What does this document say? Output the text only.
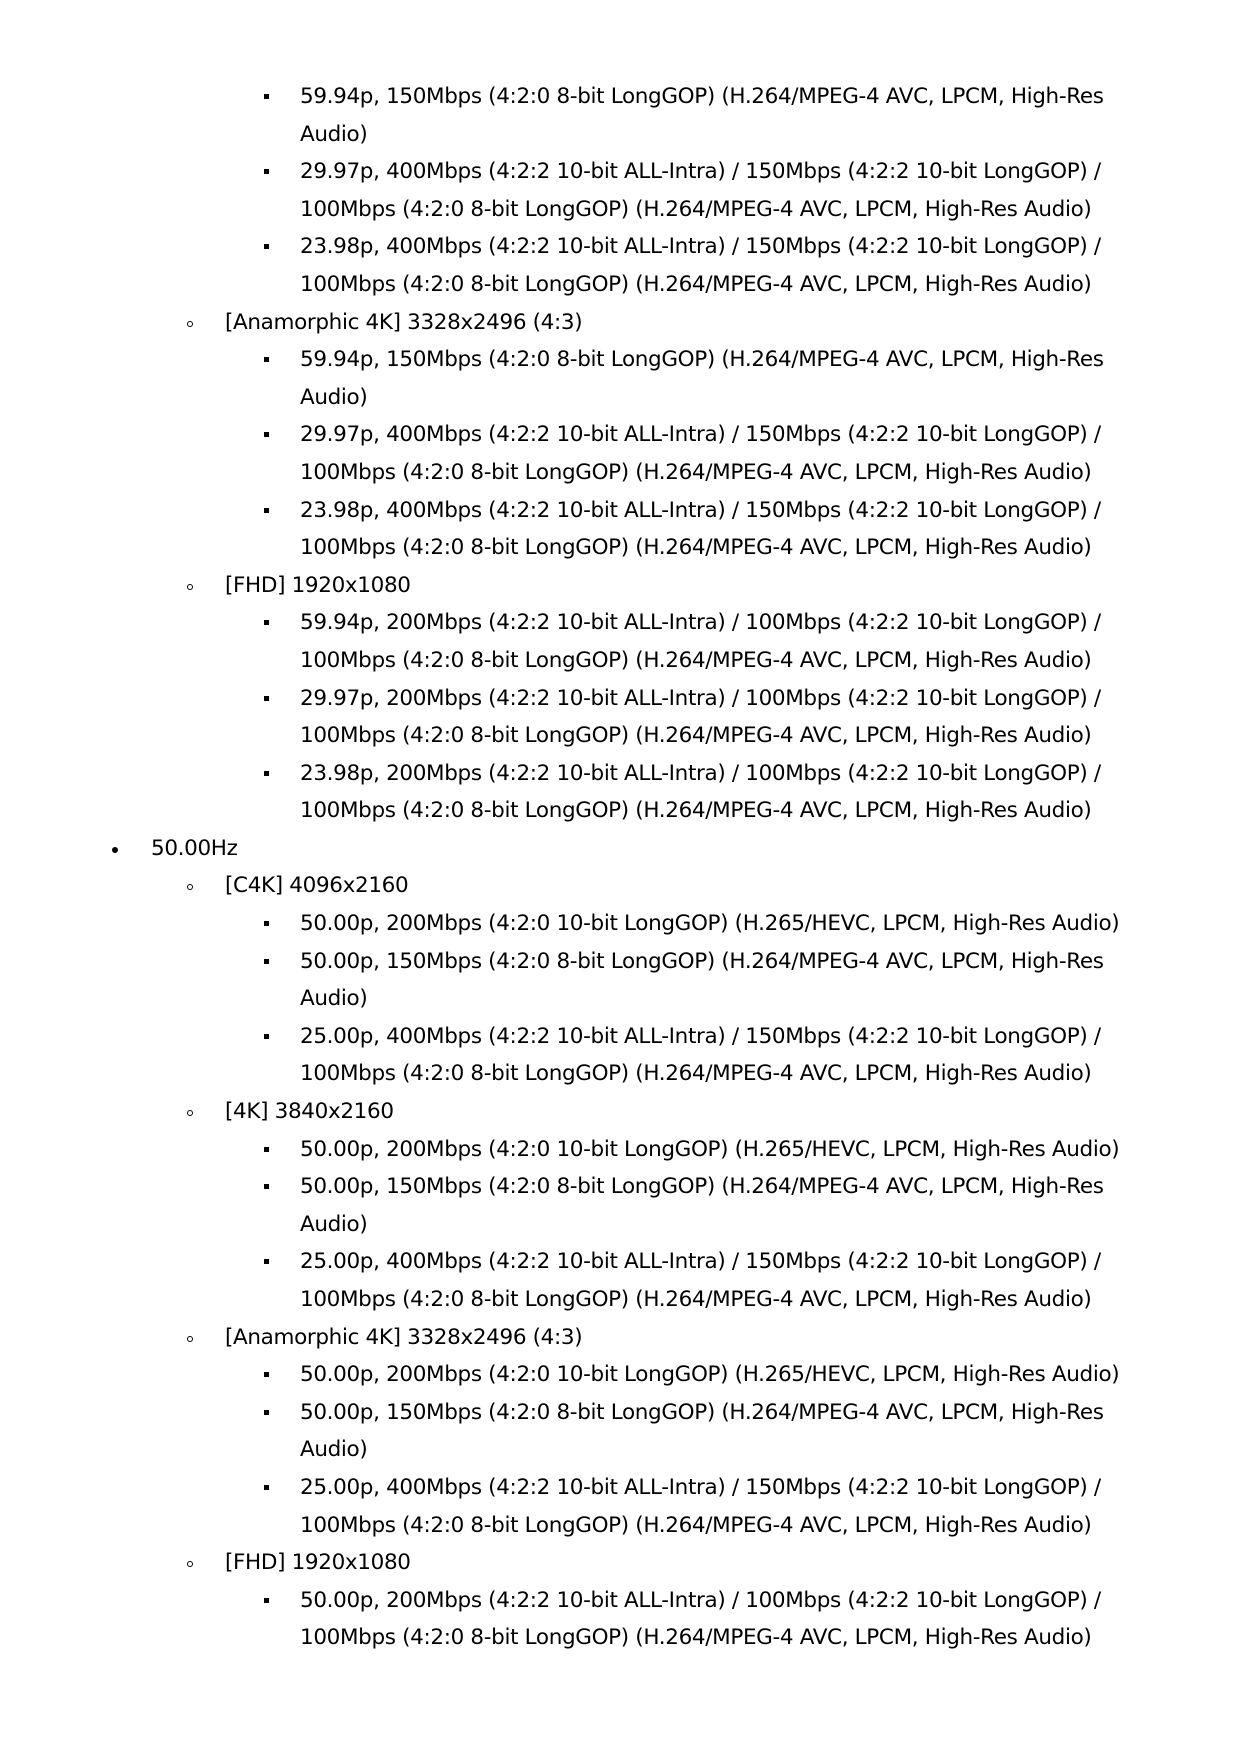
59.94p, 150Mbps (4:2:0 8-bit LongGOP) (H.264/MPEG-4 AVC, LPCM, High-Res
Audio)
29.97p, 400Mbps (4:2:2 10-bit ALL-Intra) / 150Mbps (4:2:2 10-bit LongGOP) /
100Mbps (4:2:0 8-bit LongGOP) (H.264/MPEG-4 AVC, LPCM, High-Res Audio)
23.98p, 400Mbps (4:2:2 10-bit ALL-Intra) / 150Mbps (4:2:2 10-bit LongGOP) /
100Mbps (4:2:0 8-bit LongGOP) (H.264/MPEG-4 AVC, LPCM, High-Res Audio)
[Anamorphic 4K] 3328x2496 (4:3)
59.94p, 150Mbps (4:2:0 8-bit LongGOP) (H.264/MPEG-4 AVC, LPCM, High-Res
Audio)
29.97p, 400Mbps (4:2:2 10-bit ALL-Intra) / 150Mbps (4:2:2 10-bit LongGOP) /
100Mbps (4:2:0 8-bit LongGOP) (H.264/MPEG-4 AVC, LPCM, High-Res Audio)
23.98p, 400Mbps (4:2:2 10-bit ALL-Intra) / 150Mbps (4:2:2 10-bit LongGOP) /
100Mbps (4:2:0 8-bit LongGOP) (H.264/MPEG-4 AVC, LPCM, High-Res Audio)
[FHD] 1920x1080
59.94p, 200Mbps (4:2:2 10-bit ALL-Intra) / 100Mbps (4:2:2 10-bit LongGOP) /
100Mbps (4:2:0 8-bit LongGOP) (H.264/MPEG-4 AVC, LPCM, High-Res Audio)
29.97p, 200Mbps (4:2:2 10-bit ALL-Intra) / 100Mbps (4:2:2 10-bit LongGOP) /
100Mbps (4:2:0 8-bit LongGOP) (H.264/MPEG-4 AVC, LPCM, High-Res Audio)
23.98p, 200Mbps (4:2:2 10-bit ALL-Intra) / 100Mbps (4:2:2 10-bit LongGOP) /
100Mbps (4:2:0 8-bit LongGOP) (H.264/MPEG-4 AVC, LPCM, High-Res Audio)
50.00Hz
[C4K] 4096x2160
50.00p, 200Mbps (4:2:0 10-bit LongGOP) (H.265/HEVC, LPCM, High-Res Audio)
50.00p, 150Mbps (4:2:0 8-bit LongGOP) (H.264/MPEG-4 AVC, LPCM, High-Res
Audio)
25.00p, 400Mbps (4:2:2 10-bit ALL-Intra) / 150Mbps (4:2:2 10-bit LongGOP) /
100Mbps (4:2:0 8-bit LongGOP) (H.264/MPEG-4 AVC, LPCM, High-Res Audio)
[4K] 3840x2160
50.00p, 200Mbps (4:2:0 10-bit LongGOP) (H.265/HEVC, LPCM, High-Res Audio)
50.00p, 150Mbps (4:2:0 8-bit LongGOP) (H.264/MPEG-4 AVC, LPCM, High-Res
Audio)
25.00p, 400Mbps (4:2:2 10-bit ALL-Intra) / 150Mbps (4:2:2 10-bit LongGOP) /
100Mbps (4:2:0 8-bit LongGOP) (H.264/MPEG-4 AVC, LPCM, High-Res Audio)
[Anamorphic 4K] 3328x2496 (4:3)
50.00p, 200Mbps (4:2:0 10-bit LongGOP) (H.265/HEVC, LPCM, High-Res Audio)
50.00p, 150Mbps (4:2:0 8-bit LongGOP) (H.264/MPEG-4 AVC, LPCM, High-Res
Audio)
25.00p, 400Mbps (4:2:2 10-bit ALL-Intra) / 150Mbps (4:2:2 10-bit LongGOP) /
100Mbps (4:2:0 8-bit LongGOP) (H.264/MPEG-4 AVC, LPCM, High-Res Audio)
[FHD] 1920x1080
50.00p, 200Mbps (4:2:2 10-bit ALL-Intra) / 100Mbps (4:2:2 10-bit LongGOP) /
100Mbps (4:2:0 8-bit LongGOP) (H.264/MPEG-4 AVC, LPCM, High-Res Audio)
